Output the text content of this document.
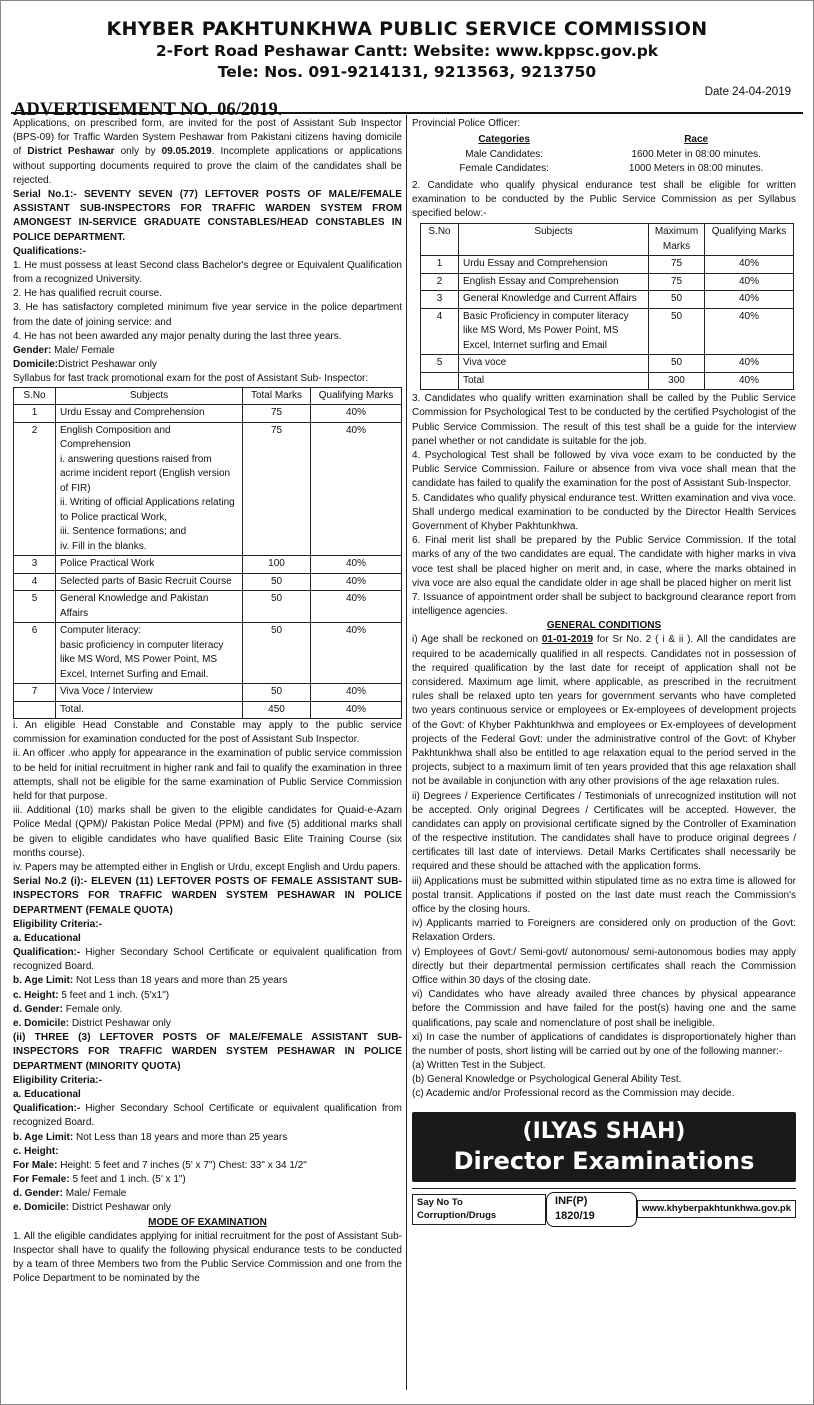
KHYBER PAKHTUNKHWA PUBLIC SERVICE COMMISSION
2-Fort Road Peshawar Cantt: Website: www.kppsc.gov.pk
Tele: Nos. 091-9214131, 9213563, 9213750
Date 24-04-2019
ADVERTISEMENT NO. 06/2019.

Applications, on prescribed form, are invited for the post of Assistant Sub Inspector (BPS-09) for Traffic Warden System Peshawar from Pakistani citizens having domicile of District Peshawar only by 09.05.2019. Incomplete applications or applications without supporting documents required to prove the claim of the candidates shall be rejected.

Serial No.1:- SEVENTY SEVEN (77) LEFTOVER POSTS OF MALE/FEMALE ASSISTANT SUB-INSPECTORS FOR TRAFFIC WARDEN SYSTEM FROM AMONGEST IN-SERVICE GRADUATE CONSTABLES/HEAD CONSTABLES IN POLICE DEPARTMENT.

Qualifications:-

1. He must possess at least Second class Bachelor's degree or Equivalent Qualification from a recognized University.

2. He has qualified recruit course.

3. He has satisfactory completed minimum five year service in the police department from the date of joining service: and

4. He has not been awarded any major penalty during the last three years.

Gender: Male/ Female

Domicile:District Peshawar only

Syllabus for fast track promotional exam for the post of Assistant Sub- Inspector:

S.No	Subjects	Total Marks	Qualifying Marks
1	Urdu Essay and Comprehension	75	40%
2	English Composition and Comprehension
i. answering questions raised from acrime incident report (English version of FIR)
ii. Writing of official Applications relating to Police practical Work,
iii. Sentence formations; and
iv. Fill in the blanks.	75	40%
3	Police Practical Work	100	40%
4	Selected parts of Basic Recruit Course	50	40%
5	General Knowledge and Pakistan Affairs	50	40%
6	Computer literacy:
basic proficiency in computer literacy like MS Word, MS Power Point, MS Excel, Internet Surfing and Email.	50	40%
7	Viva Voce / Interview	50	40%
	Total.	450	40%

i. An eligible Head Constable and Constable may apply to the public service commission for examination conducted for the post of Assistant Sub Inspector.

ii. An officer .who apply for appearance in the examination of public service commission to be held for initial recruitment in higher rank and fail to qualify the examination in three attempts, shall not be eligible for the same examination of Public Service Commission held for that purpose.

iii. Additional (10) marks shall be given to the eligible candidates for Quaid-e-Azam Police Medal (QPM)/ Pakistan Police Medal (PPM) and five (5) additional marks shall be given to eligible candidates who have qualified Basic Elite Training Course (six months course).

iv. Papers may be attempted either in English or Urdu, except English and Urdu papers.

Serial No.2 (i):- ELEVEN (11) LEFTOVER POSTS OF FEMALE ASSISTANT SUB-INSPECTORS FOR TRAFFIC WARDEN SYSTEM PESHAWAR IN POLICE DEPARTMENT (FEMALE QUOTA)

Eligibility Criteria:-

a. Educational

Qualification:- Higher Secondary School Certificate or equivalent qualification from recognized Board.

b. Age Limit: Not Less than 18 years and more than 25 years

c. Height: 5 feet and 1 inch. (5'x1")

d. Gender: Female only.

e. Domicile: District Peshawar only

(ii) THREE (3) LEFTOVER POSTS OF MALE/FEMALE ASSISTANT SUB-INSPECTORS FOR TRAFFIC WARDEN SYSTEM PESHAWAR IN POLICE DEPARTMENT (MINORITY QUOTA)

Eligibility Criteria:-

a. Educational

Qualification:- Higher Secondary School Certificate or equivalent qualification from recognized Board.

b. Age Limit: Not Less than 18 years and more than 25 years

c. Height:

For Male: Height: 5 feet and 7 inches (5' x 7") Chest: 33" x 34 1/2"

For Female: 5 feet and 1 inch. (5' x 1")

d. Gender: Male/ Female

e. Domicile: District Peshawar only

MODE OF EXAMINATION

1. All the eligible candidates applying for initial recruitment for the post of Assistant Sub-Inspector shall have to qualify the following physical endurance tests to be conducted by a team of three Members two from the Public Service Commission and one from the Police Department to be nominated by the

Provincial Police Officer:

Categories	Race
Male Candidates:	1600 Meter in 08:00 minutes.
Female Candidates:	1000 Meters in 08:00 minutes.

2. Candidate who qualify physical endurance test shall be eligible for written examination to be conducted by the Public Service Commission as per Syllabus specified below:-

S.No	Subjects	Maximum Marks	Qualifying Marks
1	Urdu Essay and Comprehension	75	40%
2	English Essay and Comprehension	75	40%
3	General Knowledge and Current Affairs	50	40%
4	Basic Proficiency in computer literacy like MS Word, Ms Power Point, MS Excel, Internet surfing and Email	50	40%
5	Viva voce	50	40%
	Total	300	40%

3. Candidates who qualify written examination shall be called by the Public Service Commission for Psychological Test to be conducted by the certified Psychologist of the Public Service Commission. The result of this test shall be a guide for the interview panel whether or not candidate is suitable for the job.

4. Psychological Test shall be followed by viva voce exam to be conducted by the Public Service Commission. Failure or absence from viva voce shall mean that the candidate has failed to qualify the examination for the post of Assistant Sub-Inspector.

5. Candidates who qualify physical endurance test. Written examination and viva voce. Shall undergo medical examination to be conducted by the Director Health Services Government of Khyber Pakhtunkhwa.

6. Final merit list shall be prepared by the Public Service Commission. If the total marks of any of the two candidates are equal. The candidate with higher marks in viva voce test shall be placed higher on merit and, in case, where the marks obtained in viva voce are also equal the candidate older in age shall be placed higher on merit list

7. Issuance of appointment order shall be subject to background clearance report from intelligence agencies.

GENERAL CONDITIONS

i) Age shall be reckoned on 01-01-2019 for Sr No. 2 ( i & ii ). All the candidates are required to be academically qualified in all respects. Candidates not in possession of the required qualification by the last date for receipt of application shall not be considered. Maximum age limit, where applicable, as prescribed in the recruitment rules shall be relaxed upto ten years for government servants who have completed two years continuous service or employees or Ex-employees of development projects of the Govt: of Khyber Pakhtunkhwa and employees or Ex-employees of development projects of the Federal Govt: under the administrative control of the Govt: of Khyber Pakhtunkhwa shall also be entitled to age relaxation equal to the period served in the projects, subject to a maximum limit of ten years provided that this age relaxation shall not be available in conjunction with any other provisions of the age relaxation rules.

ii) Degrees / Experience Certificates / Testimonials of unrecognized institution will not be accepted. Only original Degrees / Certificates will be accepted. However, the candidates can apply on provisional certificate signed by the Controller of Examination of the respective institution. The candidates shall have to produce original degrees / certificates till last date of interviews. Detail Marks Certificates shall necessarily be required and these should be attached with the application forms.

iii) Applications must be submitted within stipulated time as no extra time is allowed for postal transit. Applications if posted on the last date must reach the Commission's office by the closing hours.

iv) Applicants married to Foreigners are considered only on production of the Govt: Relaxation Orders.

v) Employees of Govt:/ Semi-govt/ autonomous/ semi-autonomous bodies may apply directly but their departmental permission certificates shall reach the Commission Office within 30 days of the closing date.

vi) Candidates who have already availed three chances by physical appearance before the Commission and have failed for the post(s) having one and the same qualifications, pay scale and nomenclature of post shall be ineligible.

xi) In case the number of applications of candidates is disproportionately higher than the number of posts, short listing will be carried out by one of the following manner:-

(a) Written Test in the Subject.

(b) General Knowledge or Psychological General Ability Test.

(c) Academic and/or Professional record as the Commission may decide.

(ILYAS SHAH)
Director Examinations
Say No To Corruption/Drugs
INF(P) 1820/19
www.khyberpakhtunkhwa.gov.pk
